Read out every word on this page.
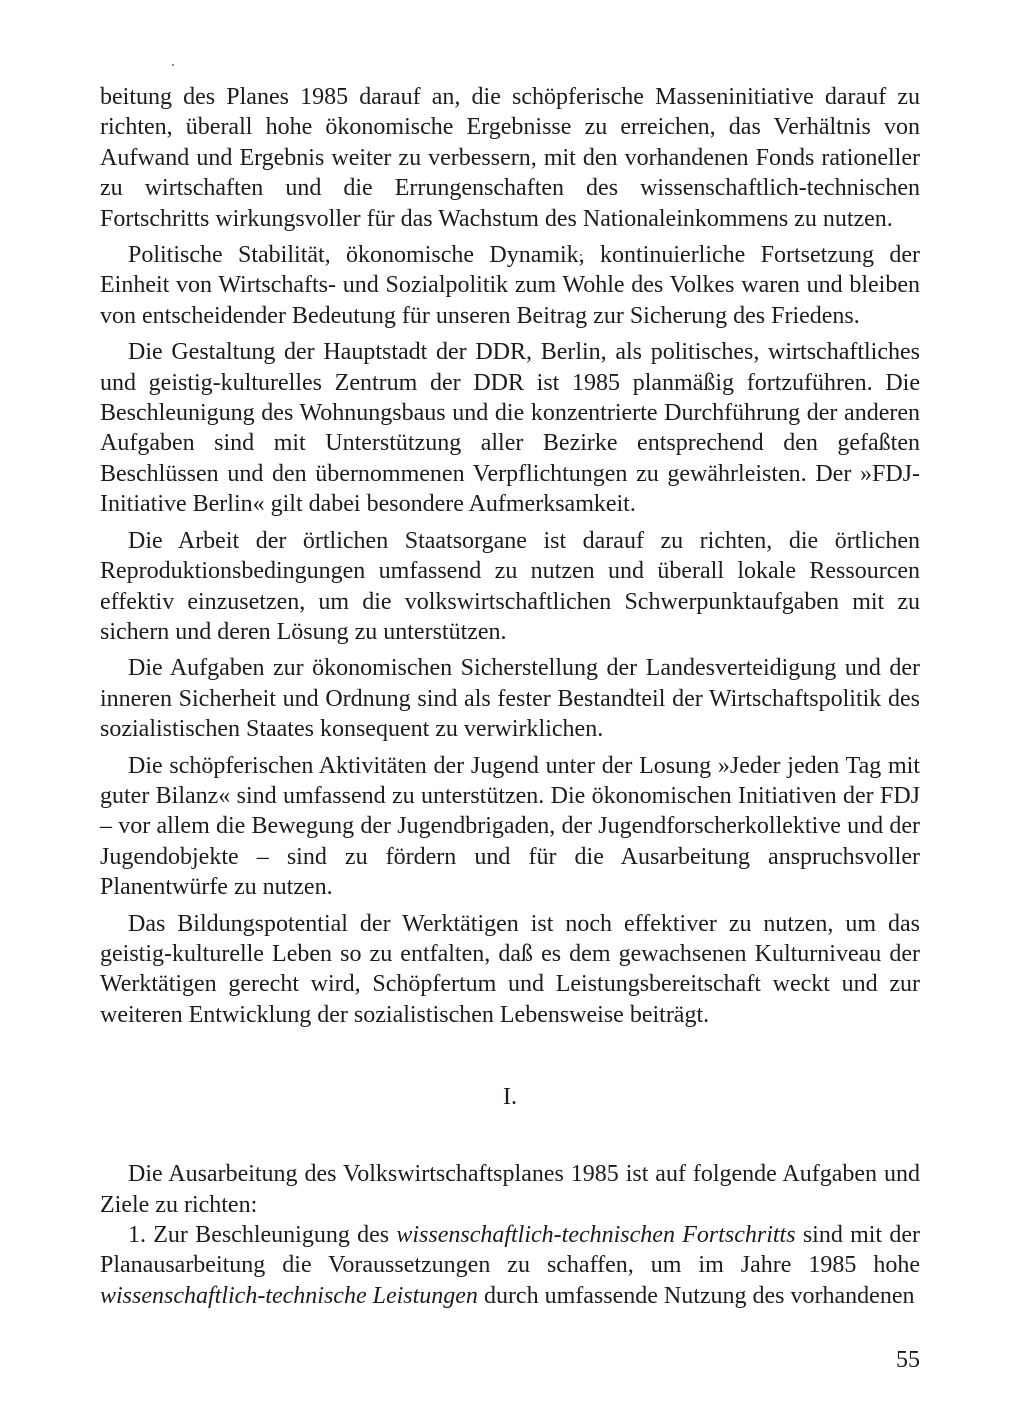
beitung des Planes 1985 darauf an, die schöpferische Masseninitiative darauf zu richten, überall hohe ökonomische Ergebnisse zu erreichen, das Verhältnis von Aufwand und Ergebnis weiter zu verbessern, mit den vorhandenen Fonds rationeller zu wirtschaften und die Errungenschaften des wissenschaftlich-technischen Fortschritts wirkungsvoller für das Wachstum des Nationaleinkommens zu nutzen.

Politische Stabilität, ökonomische Dynamik, kontinuierliche Fortsetzung der Einheit von Wirtschafts- und Sozialpolitik zum Wohle des Volkes waren und bleiben von entscheidender Bedeutung für unseren Beitrag zur Sicherung des Friedens.

Die Gestaltung der Hauptstadt der DDR, Berlin, als politisches, wirtschaftliches und geistig-kulturelles Zentrum der DDR ist 1985 planmäßig fortzuführen. Die Beschleunigung des Wohnungsbaus und die konzentrierte Durchführung der anderen Aufgaben sind mit Unterstützung aller Bezirke entsprechend den gefaßten Beschlüssen und den übernommenen Verpflichtungen zu gewährleisten. Der »FDJ-Initiative Berlin« gilt dabei besondere Aufmerksamkeit.

Die Arbeit der örtlichen Staatsorgane ist darauf zu richten, die örtlichen Reproduktionsbedingungen umfassend zu nutzen und überall lokale Ressourcen effektiv einzusetzen, um die volkswirtschaftlichen Schwerpunktaufgaben mit zu sichern und deren Lösung zu unterstützen.

Die Aufgaben zur ökonomischen Sicherstellung der Landesverteidigung und der inneren Sicherheit und Ordnung sind als fester Bestandteil der Wirtschaftspolitik des sozialistischen Staates konsequent zu verwirklichen.

Die schöpferischen Aktivitäten der Jugend unter der Losung »Jeder jeden Tag mit guter Bilanz« sind umfassend zu unterstützen. Die ökonomischen Initiativen der FDJ – vor allem die Bewegung der Jugendbrigaden, der Jugendforscherkollektive und der Jugendobjekte – sind zu fördern und für die Ausarbeitung anspruchsvoller Planentwürfe zu nutzen.

Das Bildungspotential der Werktätigen ist noch effektiver zu nutzen, um das geistig-kulturelle Leben so zu entfalten, daß es dem gewachsenen Kulturniveau der Werktätigen gerecht wird, Schöpfertum und Leistungsbereitschaft weckt und zur weiteren Entwicklung der sozialistischen Lebensweise beiträgt.

I.

Die Ausarbeitung des Volkswirtschaftsplanes 1985 ist auf folgende Aufgaben und Ziele zu richten:

1. Zur Beschleunigung des wissenschaftlich-technischen Fortschritts sind mit der Planausarbeitung die Voraussetzungen zu schaffen, um im Jahre 1985 hohe wissenschaftlich-technische Leistungen durch umfassende Nutzung des vorhandenen

55
